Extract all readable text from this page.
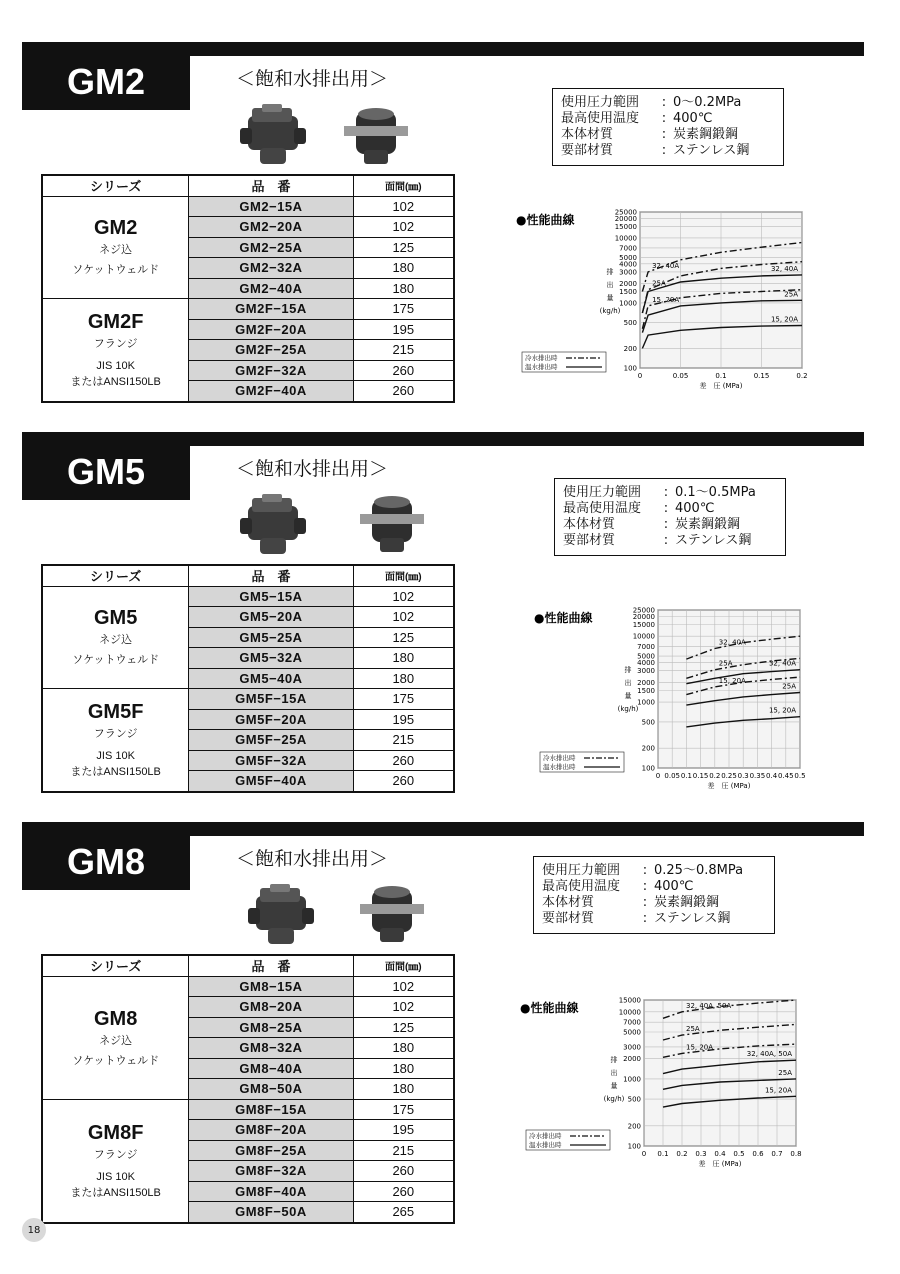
GM2	＜飽和水排出用＞
使用圧力範囲	: 0〜0.2MPa
最高使用温度	: 400℃
本体材質	: 炭素鋼鍛鋼
要部材質	: ステンレス鋼
シリーズ	品　番	面間(㎜)

GM2
ネジ込
ソケットウェルド	GM2−15A	102
	GM2−20A	102
	GM2−25A	125
	GM2−32A	180
	GM2−40A	180

GM2F
フランジ
JIS 10K
またはANSI150LB	GM2F−15A	175
	GM2F−20A	195
	GM2F−25A	215
	GM2F−32A	260
	GM2F−40A	260
●性能曲線
25000
20000
15000
10000
7000
5000
4000
3000
2000
1500
1000
500
200
100
0	0.05	0.1	0.15	0.2
差　圧 (MPa)
排
出
量
(kg/h)
32, 40A
25A
15, 20A
32, 40A
25A
15, 20A
冷水排出時
温水排出時
GM5	＜飽和水排出用＞
使用圧力範囲	: 0.1〜0.5MPa
最高使用温度	: 400℃
本体材質	: 炭素鋼鍛鋼
要部材質	: ステンレス鋼
シリーズ	品　番	面間(㎜)

GM5
ネジ込
ソケットウェルド	GM5−15A	102
	GM5−20A	102
	GM5−25A	125
	GM5−32A	180
	GM5−40A	180

GM5F
フランジ
JIS 10K
またはANSI150LB	GM5F−15A	175
	GM5F−20A	195
	GM5F−25A	215
	GM5F−32A	260
	GM5F−40A	260
●性能曲線
25000
20000
15000
10000
7000
5000
4000
3000
2000
1500
1000
500
200
100
0 0.05 0.1 0.15 0.2 0.25 0.3 0.35 0.4 0.45 0.5
差　圧 (MPa)
排
出
量
(kg/h)
32, 40A
25A
15, 20A
32, 40A
25A
15, 20A
冷水排出時
温水排出時
GM8	＜飽和水排出用＞
使用圧力範囲	: 0.25〜0.8MPa
最高使用温度	: 400℃
本体材質	: 炭素鋼鍛鋼
要部材質	: ステンレス鋼
シリーズ	品　番	面間(㎜)

GM8
ネジ込
ソケットウェルド	GM8−15A	102
	GM8−20A	102
	GM8−25A	125
	GM8−32A	180
	GM8−40A	180
	GM8−50A	180

GM8F
フランジ
JIS 10K
またはANSI150LB	GM8F−15A	175
	GM8F−20A	195
	GM8F−25A	215
	GM8F−32A	260
	GM8F−40A	260
	GM8F−50A	265
●性能曲線
15000
10000
7000
5000
3000
2000
1000
500
200
100
0 0.1 0.2 0.3 0.4 0.5 0.6 0.7 0.8
差　圧 (MPa)
排
出
量
(kg/h)
32, 40A, 50A
25A
15, 20A
32, 40A, 50A
25A
15, 20A
冷水排出時
温水排出時
18
